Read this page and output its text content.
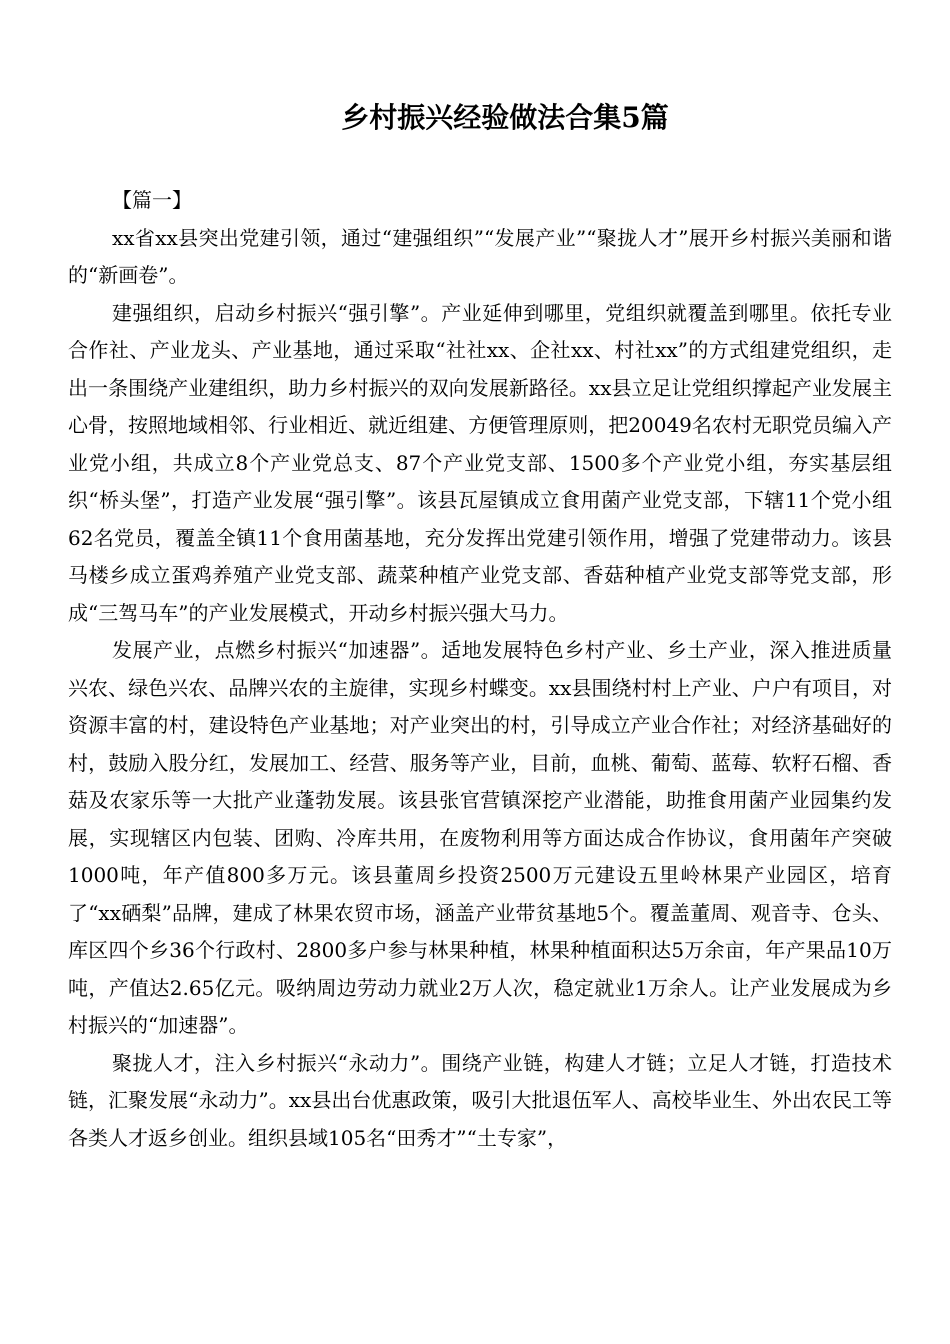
乡村振兴经验做法合集5篇

【篇一】

xx省xx县突出党建引领，通过“建强组织”“发展产业”“聚拢人才”展开乡村振兴美丽和谐的“新画卷”。

建强组织，启动乡村振兴“强引擎”。产业延伸到哪里，党组织就覆盖到哪里。依托专业合作社、产业龙头、产业基地，通过采取“社社xx、企社xx、村社xx”的方式组建党组织，走出一条围绕产业建组织，助力乡村振兴的双向发展新路径。xx县立足让党组织撑起产业发展主心骨，按照地域相邻、行业相近、就近组建、方便管理原则，把20049名农村无职党员编入产业党小组，共成立8个产业党总支、87个产业党支部、1500多个产业党小组，夯实基层组织“桥头堡”，打造产业发展“强引擎”。该县瓦屋镇成立食用菌产业党支部，下辖11个党小组62名党员，覆盖全镇11个食用菌基地，充分发挥出党建引领作用，增强了党建带动力。该县马楼乡成立蛋鸡养殖产业党支部、蔬菜种植产业党支部、香菇种植产业党支部等党支部，形成“三驾马车”的产业发展模式，开动乡村振兴强大马力。

发展产业，点燃乡村振兴“加速器”。适地发展特色乡村产业、乡土产业，深入推进质量兴农、绿色兴农、品牌兴农的主旋律，实现乡村蝶变。xx县围绕村村上产业、户户有项目，对资源丰富的村，建设特色产业基地；对产业突出的村，引导成立产业合作社；对经济基础好的村，鼓励入股分红，发展加工、经营、服务等产业，目前，血桃、葡萄、蓝莓、软籽石榴、香菇及农家乐等一大批产业蓬勃发展。该县张官营镇深挖产业潜能，助推食用菌产业园集约发展，实现辖区内包装、团购、冷库共用，在废物利用等方面达成合作协议，食用菌年产突破1000吨，年产值800多万元。该县董周乡投资2500万元建设五里岭林果产业园区，培育了“xx硒梨”品牌，建成了林果农贸市场，涵盖产业带贫基地5个。覆盖董周、观音寺、仓头、库区四个乡36个行政村、2800多户参与林果种植，林果种植面积达5万余亩，年产果品10万吨，产值达2.65亿元。吸纳周边劳动力就业2万人次，稳定就业1万余人。让产业发展成为乡村振兴的“加速器”。

聚拢人才，注入乡村振兴“永动力”。围绕产业链，构建人才链；立足人才链，打造技术链，汇聚发展“永动力”。xx县出台优惠政策，吸引大批退伍军人、高校毕业生、外出农民工等各类人才返乡创业。组织县域105名“田秀才”“土专家”，
